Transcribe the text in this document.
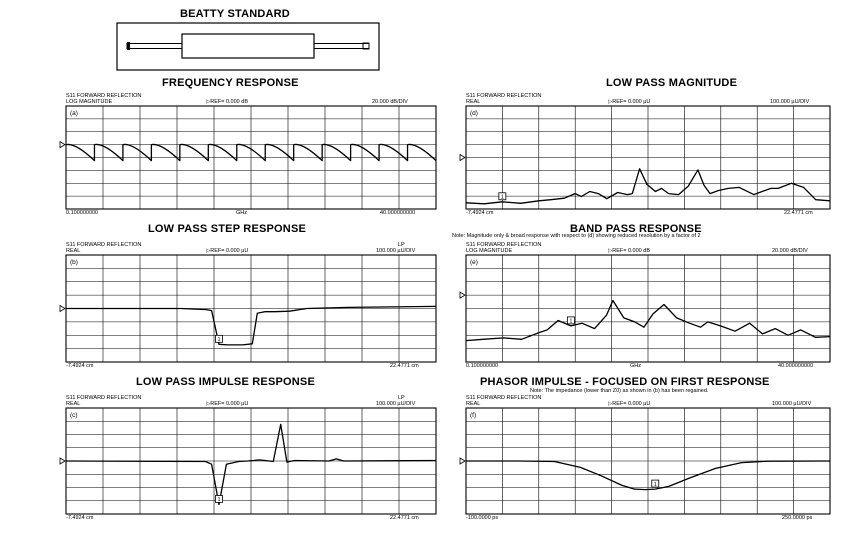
BEATTY STANDARD
FREQUENCY RESPONSE
S11 FORWARD REFLECTION
LOG MAGNITUDE	▷REF= 0.000 dB	20.000 dB/DIV
0.100000000	GHz	40.000000000
LOW PASS MAGNITUDE
S11 FORWARD REFLECTION
REAL	▷REF= 0.000 µU	100.000 µU/DIV
-7.4924 cm	22.4771 cm
LOW PASS STEP RESPONSE
S11 FORWARD REFLECTION
REAL	▷REF= 0.000 µU
LP
100.000 µU/DIV
-7.4924 cm	22.4771 cm
BAND PASS RESPONSE
Note: Magnitude only & broad response with respect to (d) showing reduced resolution by a factor of 2
S11 FORWARD REFLECTION
LOG MAGNITUDE	▷REF= 0.000 dB	20.000 dB/DIV
0.100000000	GHz	40.000000000
LOW PASS IMPULSE RESPONSE
S11 FORWARD REFLECTION
REAL	▷REF= 0.000 µU
LP
100.000 µU/DIV
-7.4924 cm	22.4771 cm
PHASOR IMPULSE - FOCUSED ON FIRST RESPONSE
S11 FORWARD REFLECTION
REAL
Note: The impedance (lower than Z0) as shown in (b) has been regained.
▷REF= 0.000 µU	100.000 µU/DIV
-100.0000 ps	250.0000 ps
(a)	(d)
1
(b)
1
(e)
1
(c)
1
(f)
1
